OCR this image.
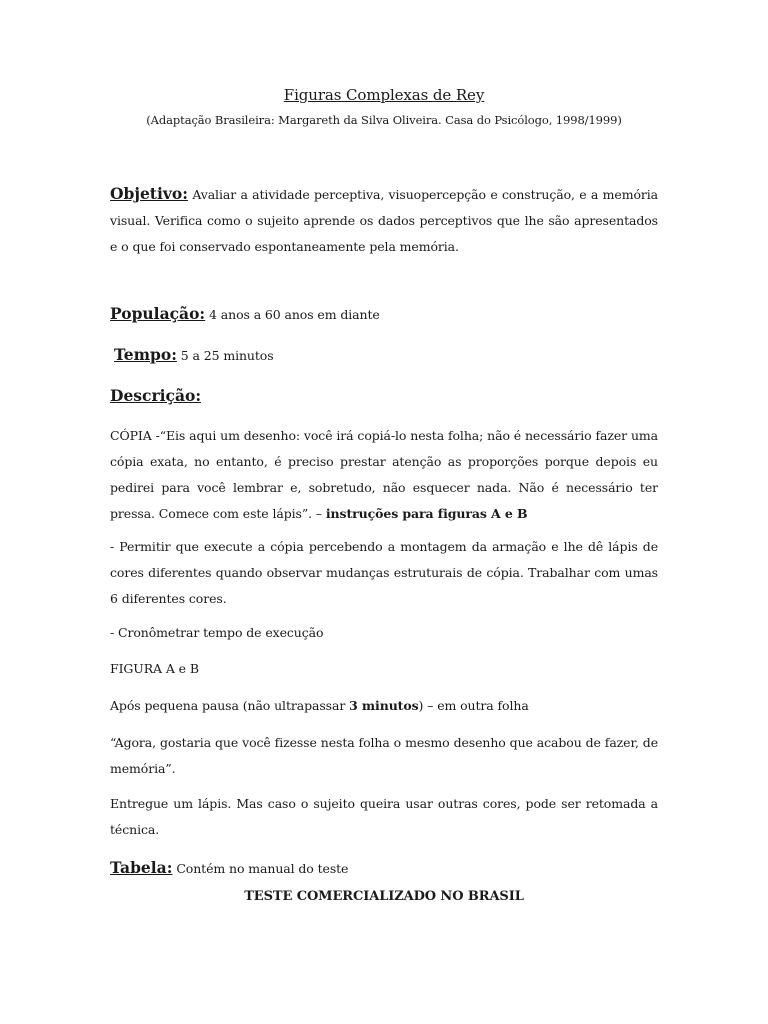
Figuras Complexas de Rey
(Adaptação Brasileira: Margareth da Silva Oliveira. Casa do Psicólogo, 1998/1999)
Objetivo: Avaliar a atividade perceptiva, visuopercepção e construção, e a memória visual. Verifica como o sujeito aprende os dados perceptivos que lhe são apresentados e o que foi conservado espontaneamente pela memória.
População: 4 anos a 60 anos em diante
Tempo: 5 a 25 minutos
Descrição:
CÓPIA -“Eis aqui um desenho: você irá copiá-lo nesta folha; não é necessário fazer uma cópia exata, no entanto, é preciso prestar atenção as proporções porque depois eu pedirei para você lembrar e, sobretudo, não esquecer nada. Não é necessário ter pressa. Comece com este lápis”. – instruções para figuras A e B
- Permitir que execute a cópia percebendo a montagem da armação e lhe dê lápis de cores diferentes quando observar mudanças estruturais de cópia. Trabalhar com umas 6 diferentes cores.
- Cronômetrar tempo de execução
FIGURA A e B
Após pequena pausa (não ultrapassar 3 minutos) – em outra folha
“Agora, gostaria que você fizesse nesta folha o mesmo desenho que acabou de fazer, de memória”.
Entregue um lápis. Mas caso o sujeito queira usar outras cores, pode ser retomada a técnica.
Tabela: Contém no manual do teste
TESTE COMERCIALIZADO NO BRASIL
